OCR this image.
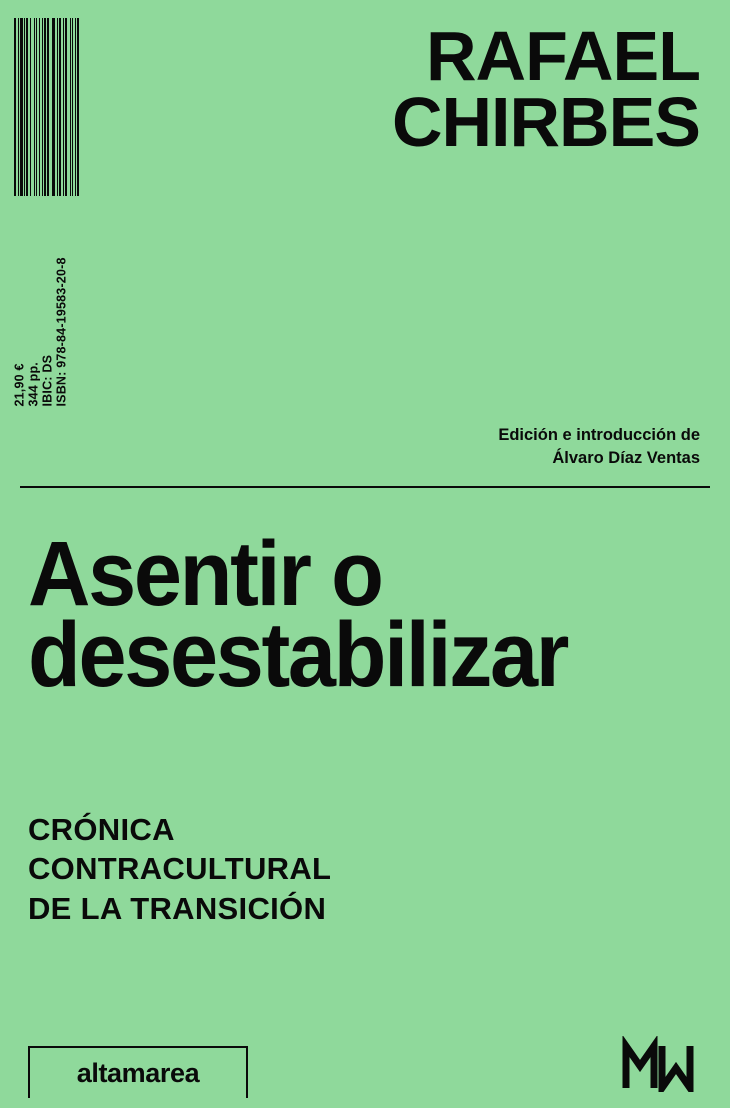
21,90 € 344 pp. IBIC: DS ISBN: 978-84-19583-20-8
RAFAEL
CHIRBES
Edición e introducción de
Álvaro Díaz Ventas
Asentir o
desestabilizar
CRÓNICA
CONTRACULTURAL
DE LA TRANSICIÓN
altamarea
